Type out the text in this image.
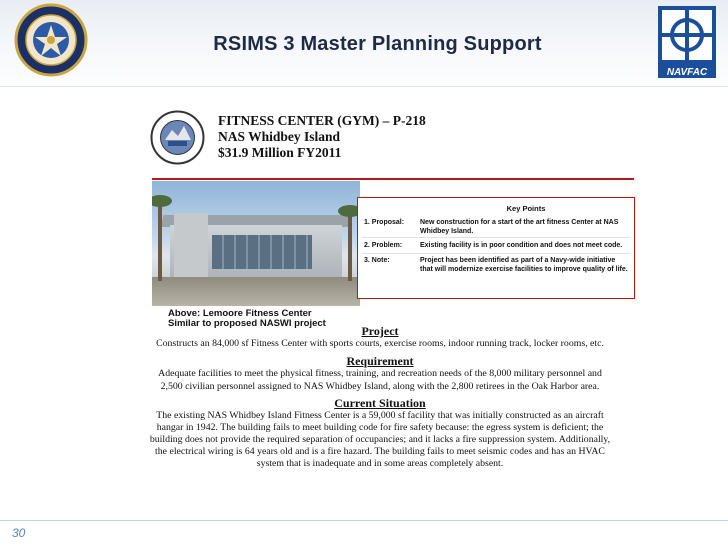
NAVFAC
RSIMS 3 Master Planning Support
FITNESS CENTER (GYM) – P-218
NAS Whidbey Island
$31.9 Million FY2011
Above: Lemoore Fitness Center
Similar to proposed NASWI project
Key Points
1. Proposal:	New construction for a start of the art fitness Center at NAS Whidbey Island.
2. Problem:	Existing facility is in poor condition and does not meet code.
3. Note:	Project has been identified as part of a Navy-wide initiative that will modernize exercise facilities to improve quality of life.
Project
Constructs an 84,000 sf Fitness Center with sports courts, exercise rooms, indoor running track, locker rooms, etc.
Requirement
Adequate facilities to meet the physical fitness, training, and recreation needs of the 8,000 military personnel and
2,500 civilian personnel assigned to NAS Whidbey Island, along with the 2,800 retirees in the Oak Harbor area.
Current Situation
The existing NAS Whidbey Island Fitness Center is a 59,000 sf facility that was initially constructed as an aircraft
hangar in 1942. The building fails to meet building code for fire safety because: the egress system is deficient; the
building does not provide the required separation of occupancies; and it lacks a fire suppression system. Additionally,
the electrical wiring is 64 years old and is a fire hazard. The building fails to meet seismic codes and has an HVAC
system that is inadequate and in some areas completely absent.
30
